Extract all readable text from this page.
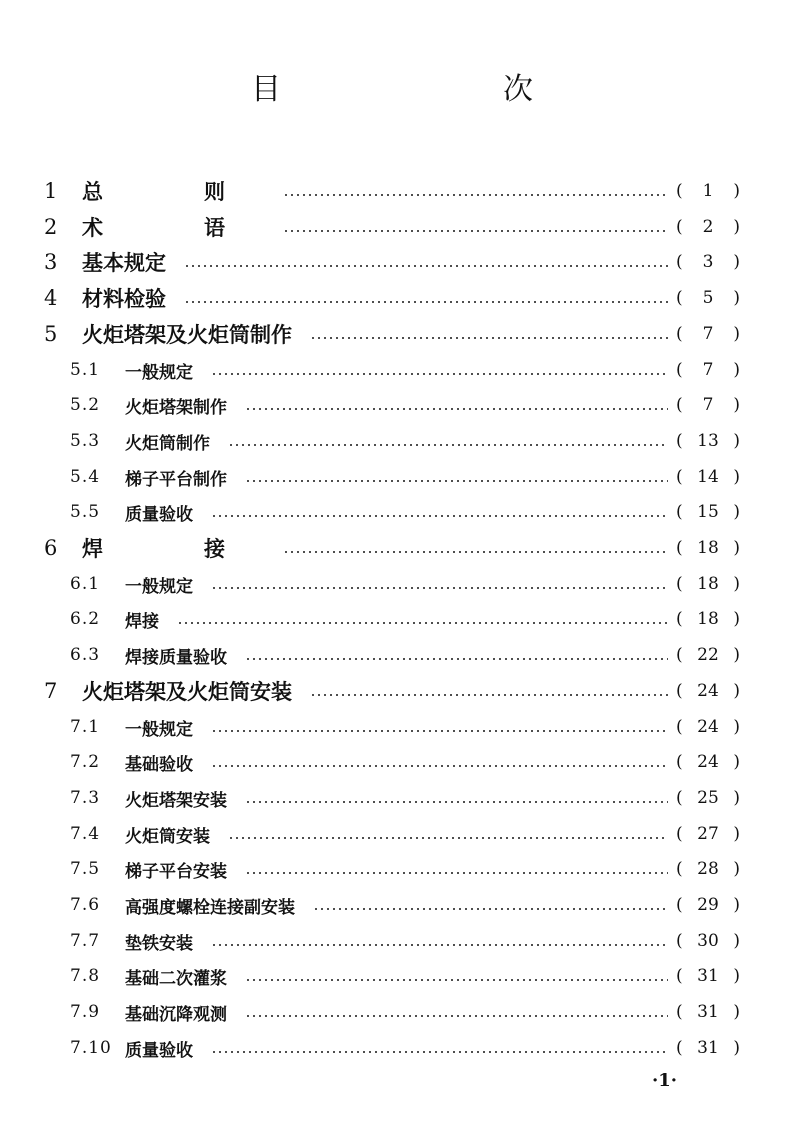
目　　次
1 总　则	(	1	)
2 术　语	(	2	)
3 基本规定	(	3	)
4 材料检验	(	5	)
5 火炬塔架及火炬筒制作	(	7	)
5.1 一般规定	(	7	)
5.2 火炬塔架制作	(	7	)
5.3 火炬筒制作	( 13 )
5.4 梯子平台制作	( 14 )
5.5 质量验收	( 15 )
6 焊　接	( 18 )
6.1 一般规定	( 18 )
6.2 焊接	( 18 )
6.3 焊接质量验收	( 22 )
7 火炬塔架及火炬筒安装	( 24 )
7.1 一般规定	( 24 )
7.2 基础验收	( 24 )
7.3 火炬塔架安装	( 25 )
7.4 火炬筒安装	( 27 )
7.5 梯子平台安装	( 28 )
7.6 高强度螺栓连接副安装	( 29 )
7.7 垫铁安装	( 30 )
7.8 基础二次灌浆	( 31 )
7.9 基础沉降观测	( 31 )
7.10 质量验收	( 31 )
·1·
